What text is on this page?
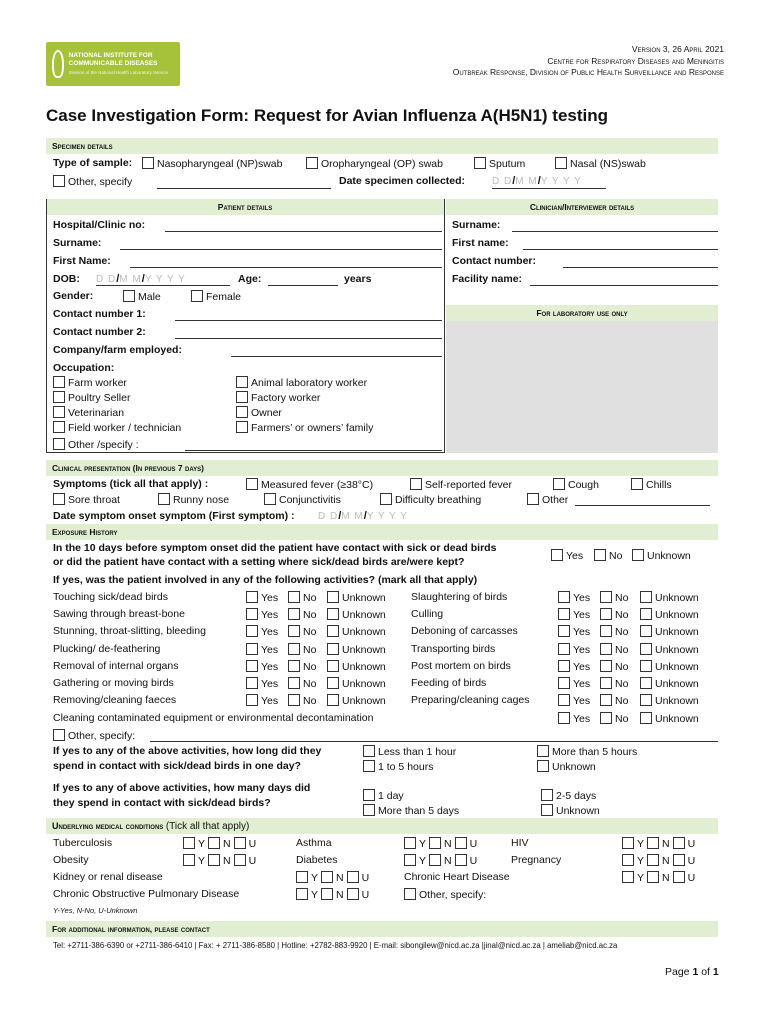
NATIONAL INSTITUTE FOR COMMUNICABLE DISEASES
Division of the National Health Laboratory Service
Version 3, 26 April 2021
Centre for Respiratory Diseases and Meningitis
Outbreak Response, Division of Public Health Surveillance and Response
Case Investigation Form: Request for Avian Influenza A(H5N1) testing
Specimen details
Type of sample:	Nasopharyngeal (NP)swab	Oropharyngeal (OP) swab	Sputum	Nasal (NS)swab
Other, specify	Date specimen collected:	D D/M M/Y Y Y Y
Patient details	Clinician/Interviewer details
Hospital/Clinic no:
Surname:
First Name:
DOB: D D/M M/Y Y Y Y	Age:	years
Gender:	Male	Female
Contact number 1:
Contact number 2:
Company/farm employed:
Occupation:
Farm worker
Poultry Seller
Veterinarian
Field worker / technician
Animal laboratory worker
Factory worker
Owner
Farmers’ or owners’ family
Other /specify :
Surname:
First name:
Contact number:
Facility name:
For laboratory use only
Clinical presentation (In previous 7 days)
Symptoms (tick all that apply) :	Measured fever (≥38°C)	Self-reported fever	Cough	Chills
Sore throat	Runny nose	Conjunctivitis	Difficulty breathing	Other
Date symptom onset symptom (First symptom) : D D/M M/Y Y Y Y
Exposure History
In the 10 days before symptom onset did the patient have contact with sick or dead birds
or did the patient have contact with a setting where sick/dead birds are/were kept?	Yes	No	Unknown
If yes, was the patient involved in any of the following activities? (mark all that apply)
Touching sick/dead birds	Yes	No	Unknown Slaughtering of birds	Yes	No	Unknown
Sawing through breast-bone	Yes	No	Unknown Culling	Yes	No	Unknown
Stunning, throat-slitting, bleeding	Yes	No	Unknown Deboning of carcasses	Yes	No	Unknown
Plucking/ de-feathering	Yes	No	Unknown Transporting birds	Yes	No	Unknown
Removal of internal organs	Yes	No	Unknown Post mortem on birds	Yes	No	Unknown
Gathering or moving birds	Yes	No	Unknown Feeding of birds	Yes	No	Unknown
Removing/cleaning faeces	Yes	No	Unknown Preparing/cleaning cages	Yes	No	Unknown
Cleaning contaminated equipment or environmental decontamination	Yes	No	Unknown
Other, specify:
If yes to any of the above activities, how long did they
spend in contact with sick/dead birds in one day?
Less than 1 hour
1 to 5 hours
More than 5 hours
Unknown
If yes to any of above activities, how many days did
they spend in contact with sick/dead birds?
1 day
More than 5 days
2-5 days
Unknown
Underlying medical conditions (Tick all that apply)
Tuberculosis	Y N U	Asthma	Y N U	HIV	Y N U
Obesity	Y N U	Diabetes	Y N U	Pregnancy	Y N U
Kidney or renal disease	Y N U	Chronic Heart Disease	Y N U
Chronic Obstructive Pulmonary Disease	Y N U	Other, specify:
Y-Yes, N-No, U-Unknown
For additional information, please contact
Tel: +2711-386-6390 or +2711-386-6410 | Fax: + 2711-386-8580 | Hotline: +2782-883-9920 | E-mail: sibongilew@nicd.ac.za |jinal@nicd.ac.za | ameliab@nicd.ac.za
Page 1 of 1
